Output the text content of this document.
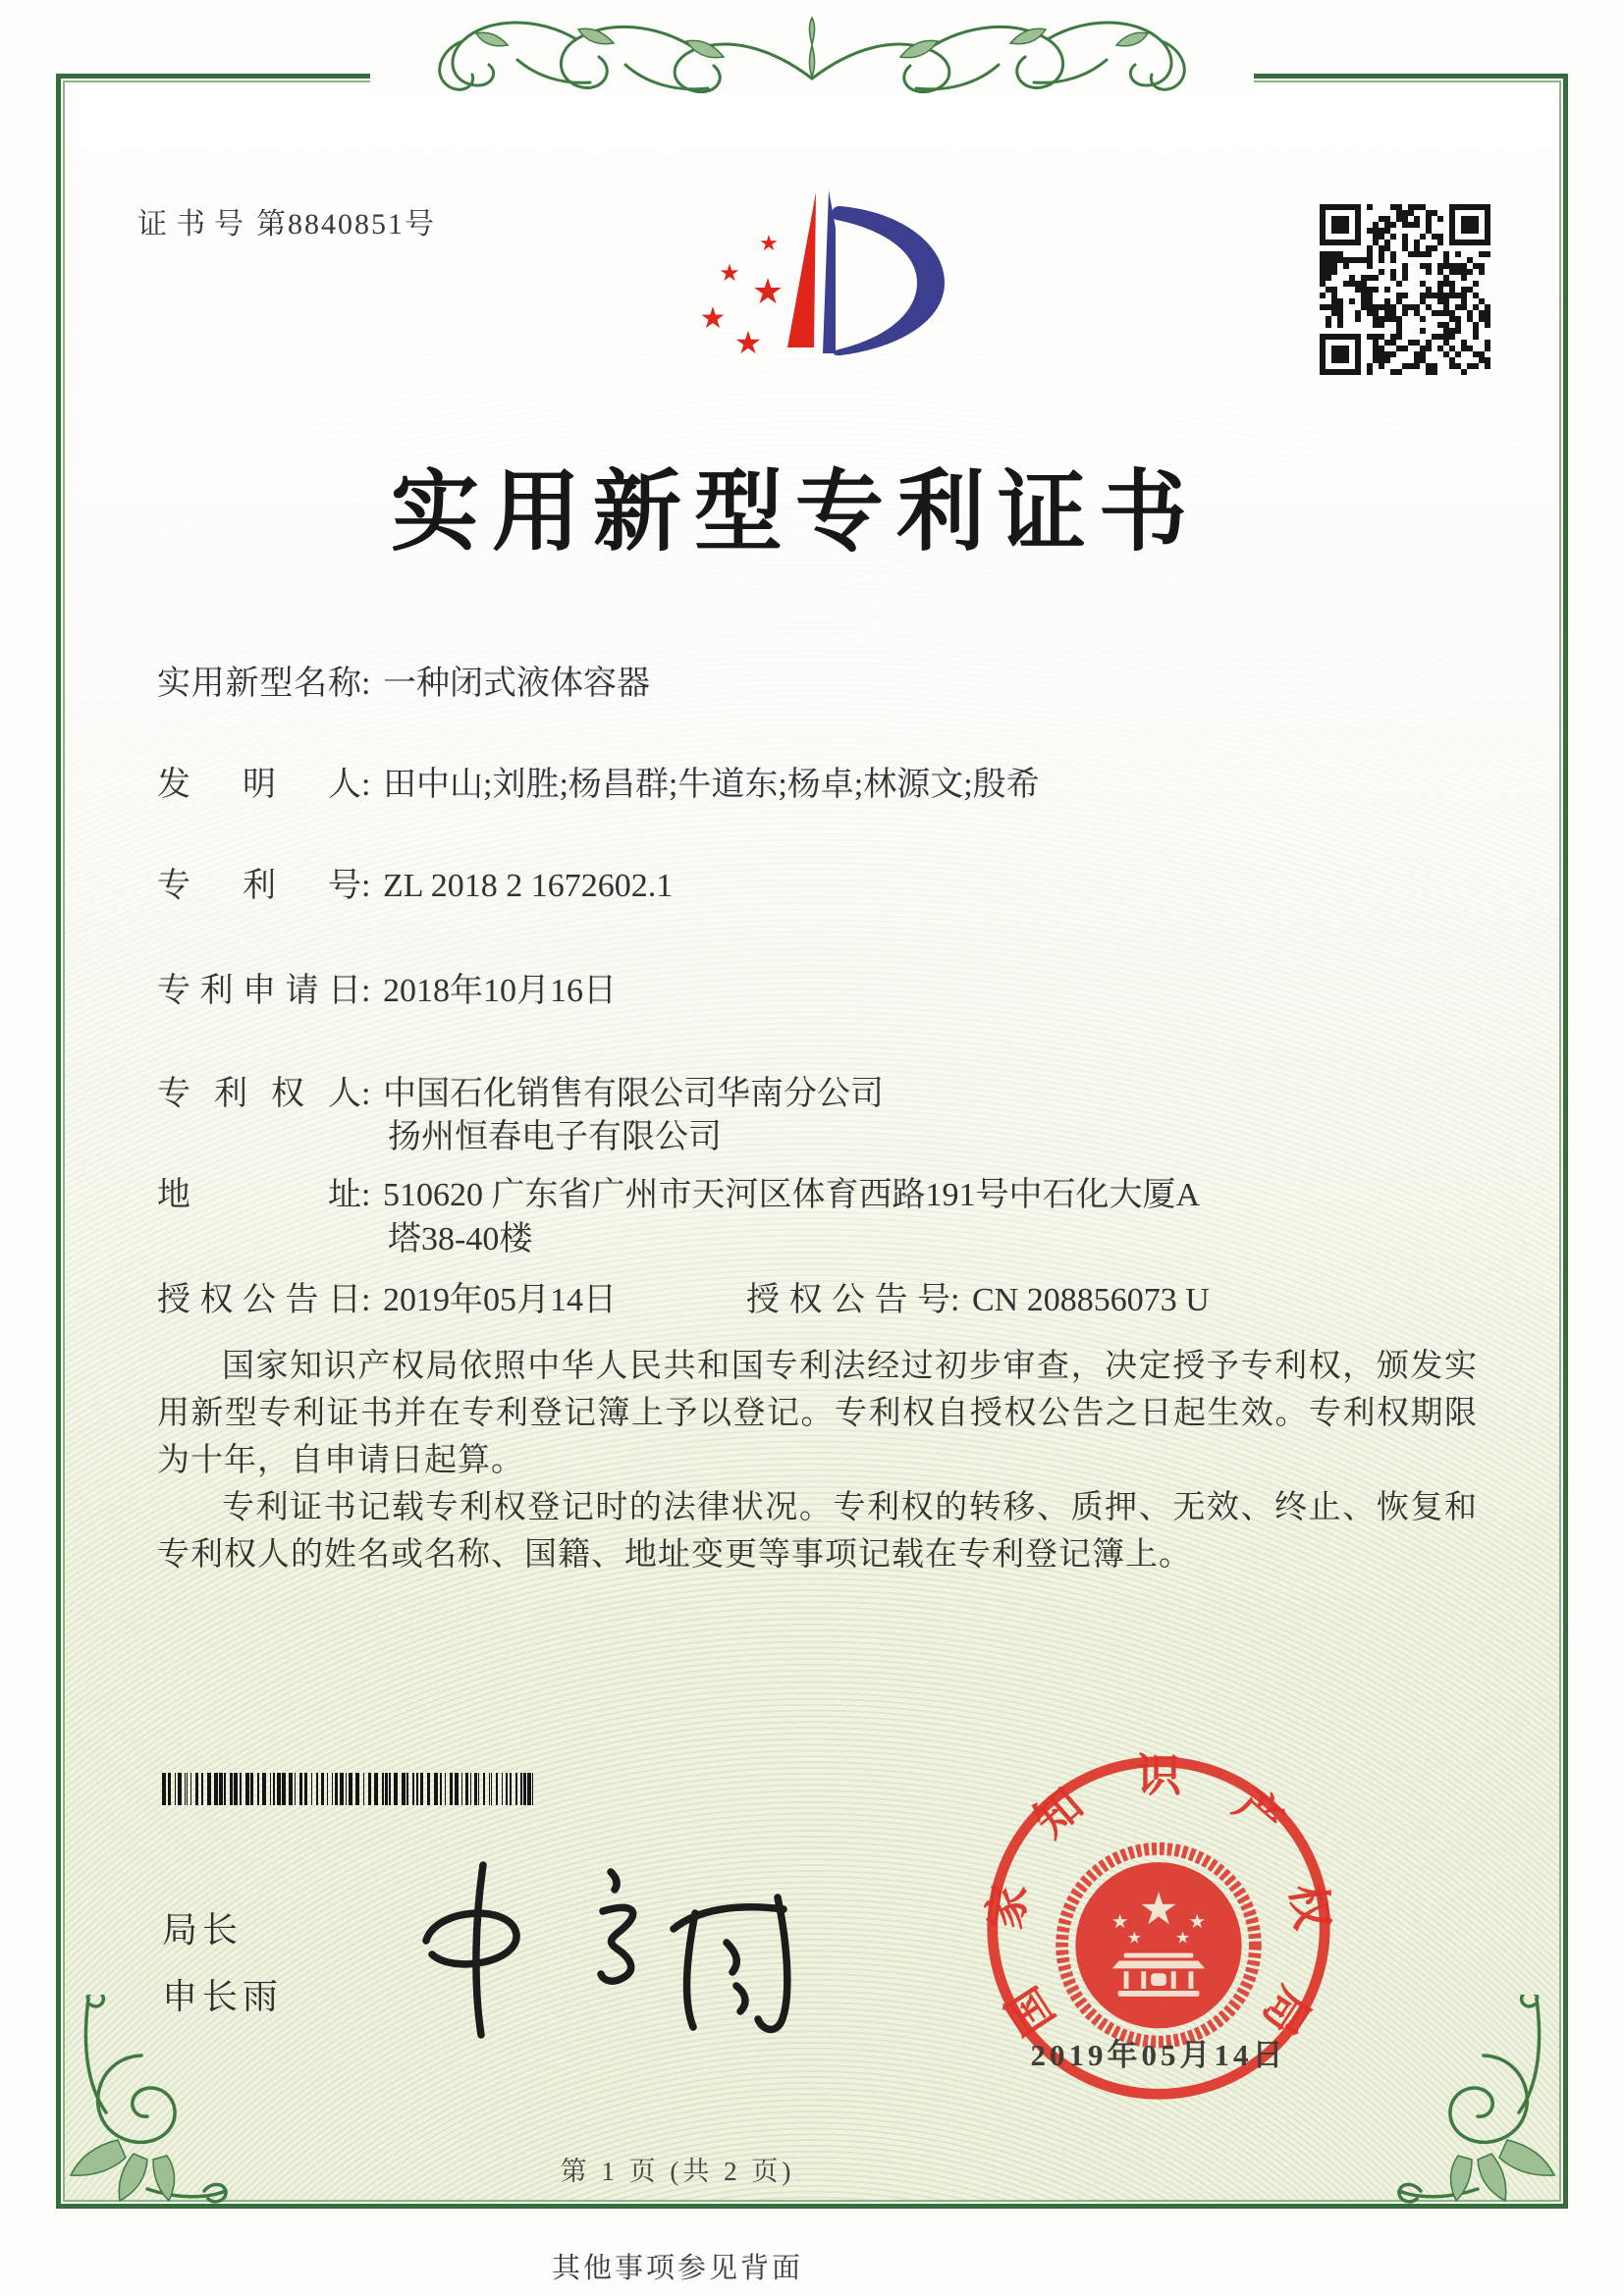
证书号 第8840851号
★
★ ★
★
★
实用新型专利证书
实用新型名称: 一种闭式液体容器
发明人: 田中山;刘胜;杨昌群;牛道东;杨卓;林源文;殷希
专利号: ZL 2018 2 1672602.1
专利申请日: 2018年10月16日
专利权人: 中国石化销售有限公司华南分公司
扬州恒春电子有限公司
地址: 510620 广东省广州市天河区体育西路191号中石化大厦A
塔38-40楼
授权公告日: 2019年05月14日	授权公告号: CN 208856073 U

国家知识产权局依照中华人民共和国专利法经过初步审查，决定授予专利权，颁发实用新型专利证书并在专利登记簿上予以登记。专利权自授权公告之日起生效。专利权期限为十年，自申请日起算。

专利证书记载专利权登记时的法律状况。专利权的转移、质押、无效、终止、恢复和专利权人的姓名或名称、国籍、地址变更等事项记载在专利登记簿上。

局长
申长雨	国
家
知
识
产
权
局
★
★	★
★ ★
2019年05月14日
第 1 页 (共 2 页)
其他事项参见背面
